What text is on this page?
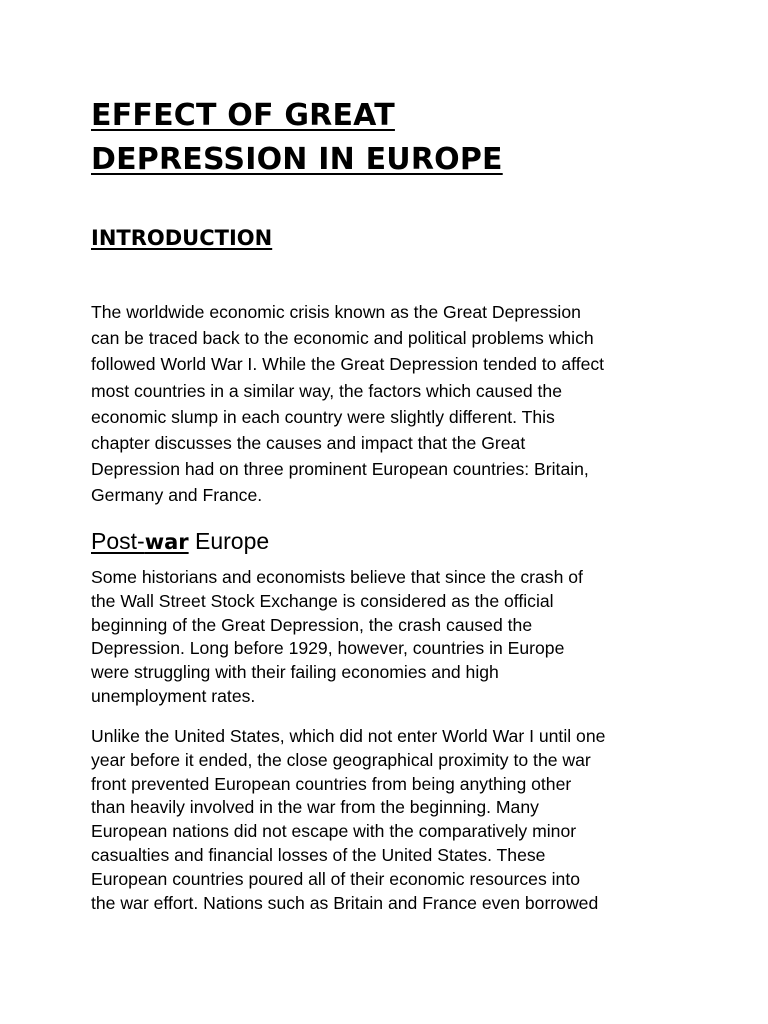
EFFECT OF GREAT
DEPRESSION IN EUROPE
INTRODUCTION

The worldwide economic crisis known as the Great Depression
can be traced back to the economic and political problems which
followed World War I. While the Great Depression tended to affect
most countries in a similar way, the factors which caused the
economic slump in each country were slightly different. This
chapter discusses the causes and impact that the Great
Depression had on three prominent European countries: Britain,
Germany and France.

Post-war Europe

Some historians and economists believe that since the crash of
the Wall Street Stock Exchange is considered as the official
beginning of the Great Depression, the crash caused the
Depression. Long before 1929, however, countries in Europe
were struggling with their failing economies and high
unemployment rates.

Unlike the United States, which did not enter World War I until one
year before it ended, the close geographical proximity to the war
front prevented European countries from being anything other
than heavily involved in the war from the beginning. Many
European nations did not escape with the comparatively minor
casualties and financial losses of the United States. These
European countries poured all of their economic resources into
the war effort. Nations such as Britain and France even borrowed
